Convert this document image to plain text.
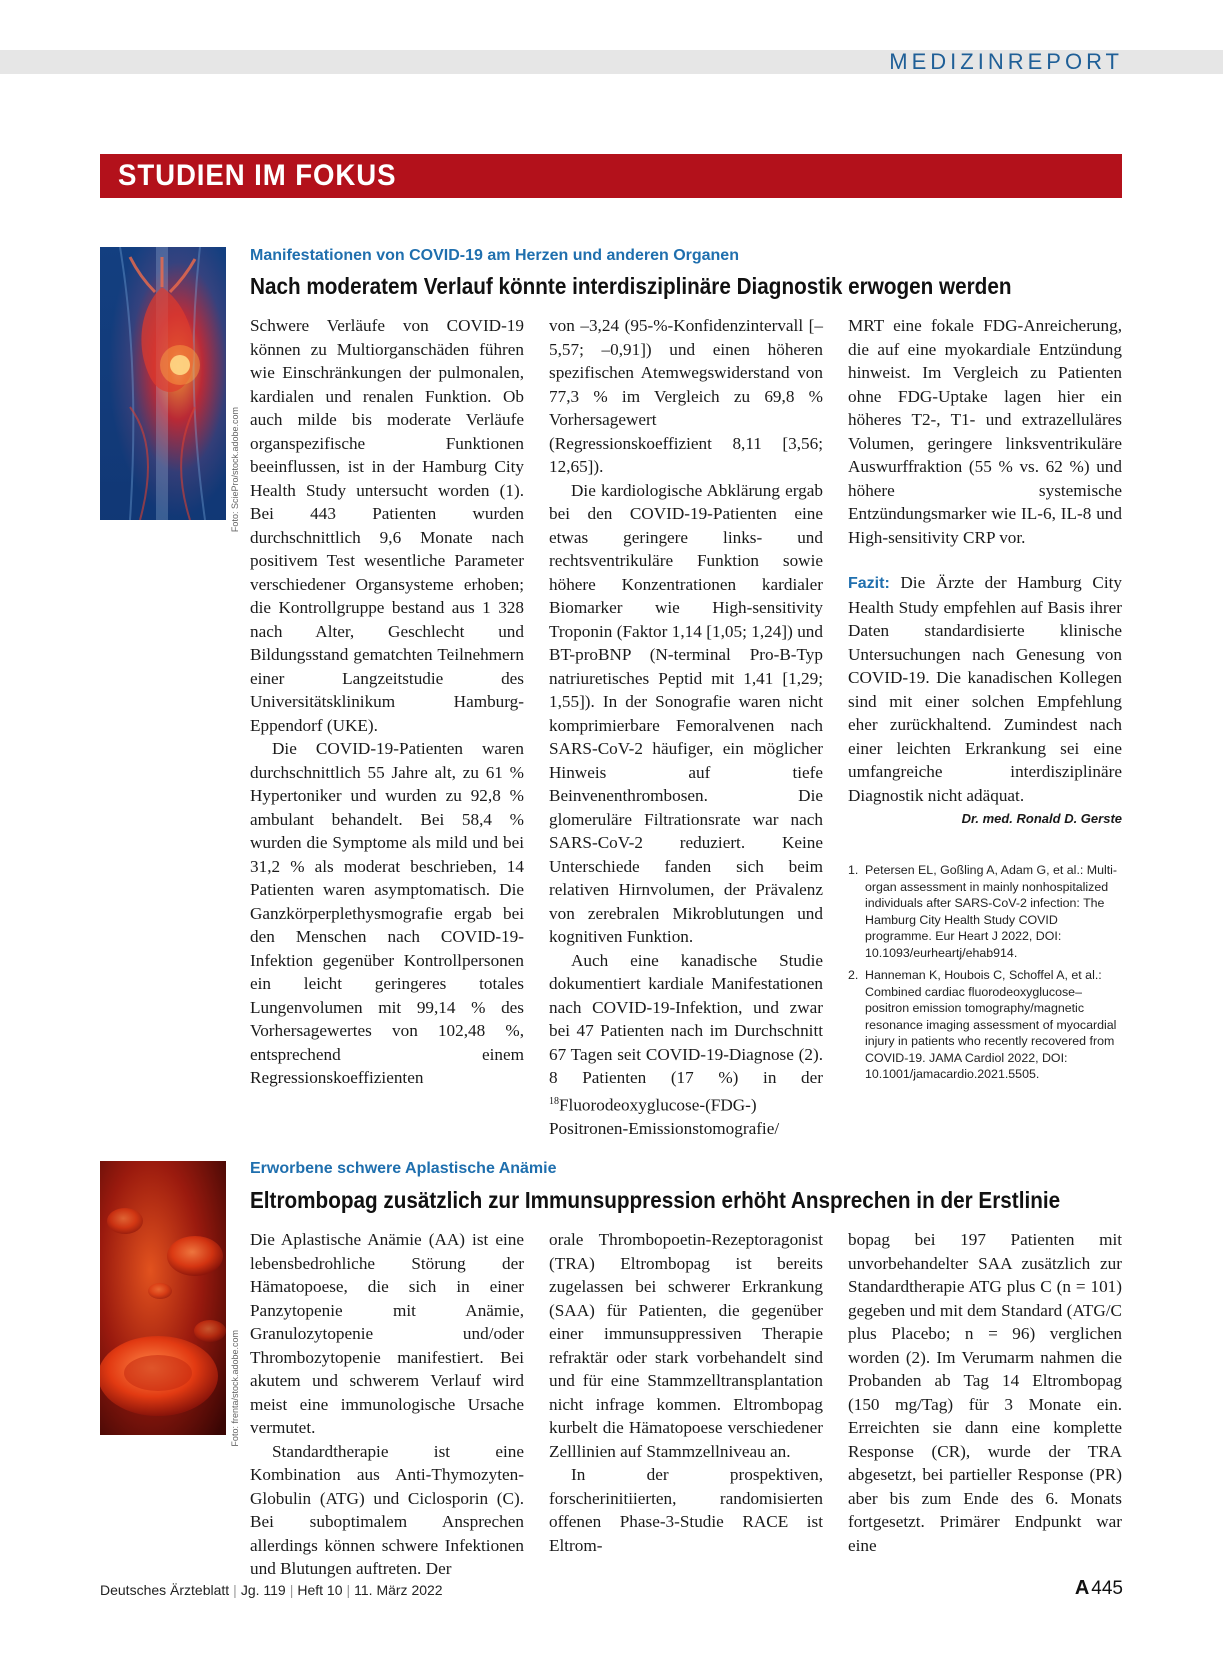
MEDIZINREPORT
STUDIEN IM FOKUS
Foto: SciePro/stock.adobe.com
Manifestationen von COVID-19 am Herzen und anderen Organen
Nach moderatem Verlauf könnte interdisziplinäre Diagnostik erwogen werden

Schwere Verläufe von COVID-19 können zu Multiorganschäden führen wie Einschränkungen der pulmonalen, kardialen und renalen Funktion. Ob auch milde bis moderate Verläufe organspezifische Funktionen beeinflussen, ist in der Hamburg City Health Study untersucht worden (1). Bei 443 Patienten wurden durchschnittlich 9,6 Monate nach positivem Test wesentliche Parameter verschiedener Organsysteme erhoben; die Kontrollgruppe bestand aus 1 328 nach Alter, Geschlecht und Bildungsstand gematchten Teilnehmern einer Langzeitstudie des Universitätsklinikum Hamburg-Eppendorf (UKE).

Die COVID-19-Patienten waren durchschnittlich 55 Jahre alt, zu 61 % Hypertoniker und wurden zu 92,8 % ambulant behandelt. Bei 58,4 % wurden die Symptome als mild und bei 31,2 % als moderat beschrieben, 14 Patienten waren asymptomatisch. Die Ganzkörperplethysmografie ergab bei den Menschen nach COVID-19-Infektion gegenüber Kontrollpersonen ein leicht geringeres totales Lungenvolumen mit 99,14 % des Vorhersagewertes von 102,48 %, entsprechend einem Regressionskoeffizienten

von –3,24 (95-%-Konfidenzintervall [–5,57; –0,91]) und einen höheren spezifischen Atemwegswiderstand von 77,3 % im Vergleich zu 69,8 % Vorhersagewert (Regressionskoeffizient 8,11 [3,56; 12,65]).

Die kardiologische Abklärung ergab bei den COVID-19-Patienten eine etwas geringere links- und rechtsventrikuläre Funktion sowie höhere Konzentrationen kardialer Biomarker wie High-sensitivity Troponin (Faktor 1,14 [1,05; 1,24]) und BT-proBNP (N-terminal Pro-B-Typ natriuretisches Peptid mit 1,41 [1,29; 1,55]). In der Sonografie waren nicht komprimierbare Femoralvenen nach SARS-CoV-2 häufiger, ein möglicher Hinweis auf tiefe Beinvenenthrombosen. Die glomeruläre Filtrationsrate war nach SARS-CoV-2 reduziert. Keine Unterschiede fanden sich beim relativen Hirnvolumen, der Prävalenz von zerebralen Mikroblutungen und kognitiven Funktion.

Auch eine kanadische Studie dokumentiert kardiale Manifestationen nach COVID-19-Infektion, und zwar bei 47 Patienten nach im Durchschnitt 67 Tagen seit COVID-19-Diagnose (2). 8 Patienten (17 %) in der $^{18}$Fluorodeoxyglucose-(FDG-) Positronen-Emissionstomografie/

MRT eine fokale FDG-Anreicherung, die auf eine myokardiale Entzündung hinweist. Im Vergleich zu Patienten ohne FDG-Uptake lagen hier ein höheres T2-, T1- und extrazelluläres Volumen, geringere linksventrikuläre Auswurffraktion (55 % vs. 62 %) und höhere systemische Entzündungsmarker wie IL-6, IL-8 und High-sensitivity CRP vor.

Fazit: Die Ärzte der Hamburg City Health Study empfehlen auf Basis ihrer Daten standardisierte klinische Untersuchungen nach Genesung von COVID-19. Die kanadischen Kollegen sind mit einer solchen Empfehlung eher zurückhaltend. Zumindest nach einer leichten Erkrankung sei eine umfangreiche interdisziplinäre Diagnostik nicht adäquat.
Dr. med. Ronald D. Gerste

1. Petersen EL, Goßling A, Adam G, et al.: Multi-organ assessment in mainly nonhospitalized individuals after SARS-CoV-2 infection: The Hamburg City Health Study COVID programme. Eur Heart J 2022, DOI: 10.1093/eurheartj/ehab914.
2. Hanneman K, Houbois C, Schoffel A, et al.: Combined cardiac fluorodeoxyglucose–positron emission tomography/magnetic resonance imaging assessment of myocardial injury in patients who recently recovered from COVID-19. JAMA Cardiol 2022, DOI: 10.1001/jamacardio.2021.5505.
Foto: frenta/stock.adobe.com
Erworbene schwere Aplastische Anämie
Eltrombopag zusätzlich zur Immunsuppression erhöht Ansprechen in der Erstlinie

Die Aplastische Anämie (AA) ist eine lebensbedrohliche Störung der Hämatopoese, die sich in einer Panzytopenie mit Anämie, Granulozytopenie und/oder Thrombozytopenie manifestiert. Bei akutem und schwerem Verlauf wird meist eine immunologische Ursache vermutet.

Standardtherapie ist eine Kombination aus Anti-Thymozyten-Globulin (ATG) und Ciclosporin (C). Bei suboptimalem Ansprechen allerdings können schwere Infektionen und Blutungen auftreten. Der

orale Thrombopoetin-Rezeptoragonist (TRA) Eltrombopag ist bereits zugelassen bei schwerer Erkrankung (SAA) für Patienten, die gegenüber einer immunsuppressiven Therapie refraktär oder stark vorbehandelt sind und für eine Stammzelltransplantation nicht infrage kommen. Eltrombopag kurbelt die Hämatopoese verschiedener Zelllinien auf Stammzellniveau an.

In der prospektiven, forscherinitiierten, randomisierten offenen Phase-3-Studie RACE ist Eltrom-

bopag bei 197 Patienten mit unvorbehandelter SAA zusätzlich zur Standardtherapie ATG plus C (n = 101) gegeben und mit dem Standard (ATG/C plus Placebo; n = 96) verglichen worden (2). Im Verumarm nahmen die Probanden ab Tag 14 Eltrombopag (150 mg/Tag) für 3 Monate ein. Erreichten sie dann eine komplette Response (CR), wurde der TRA abgesetzt, bei partieller Response (PR) aber bis zum Ende des 6. Monats fortgesetzt. Primärer Endpunkt war eine

Deutsches Ärzteblatt | Jg. 119 | Heft 10 | 11. März 2022	A 445
